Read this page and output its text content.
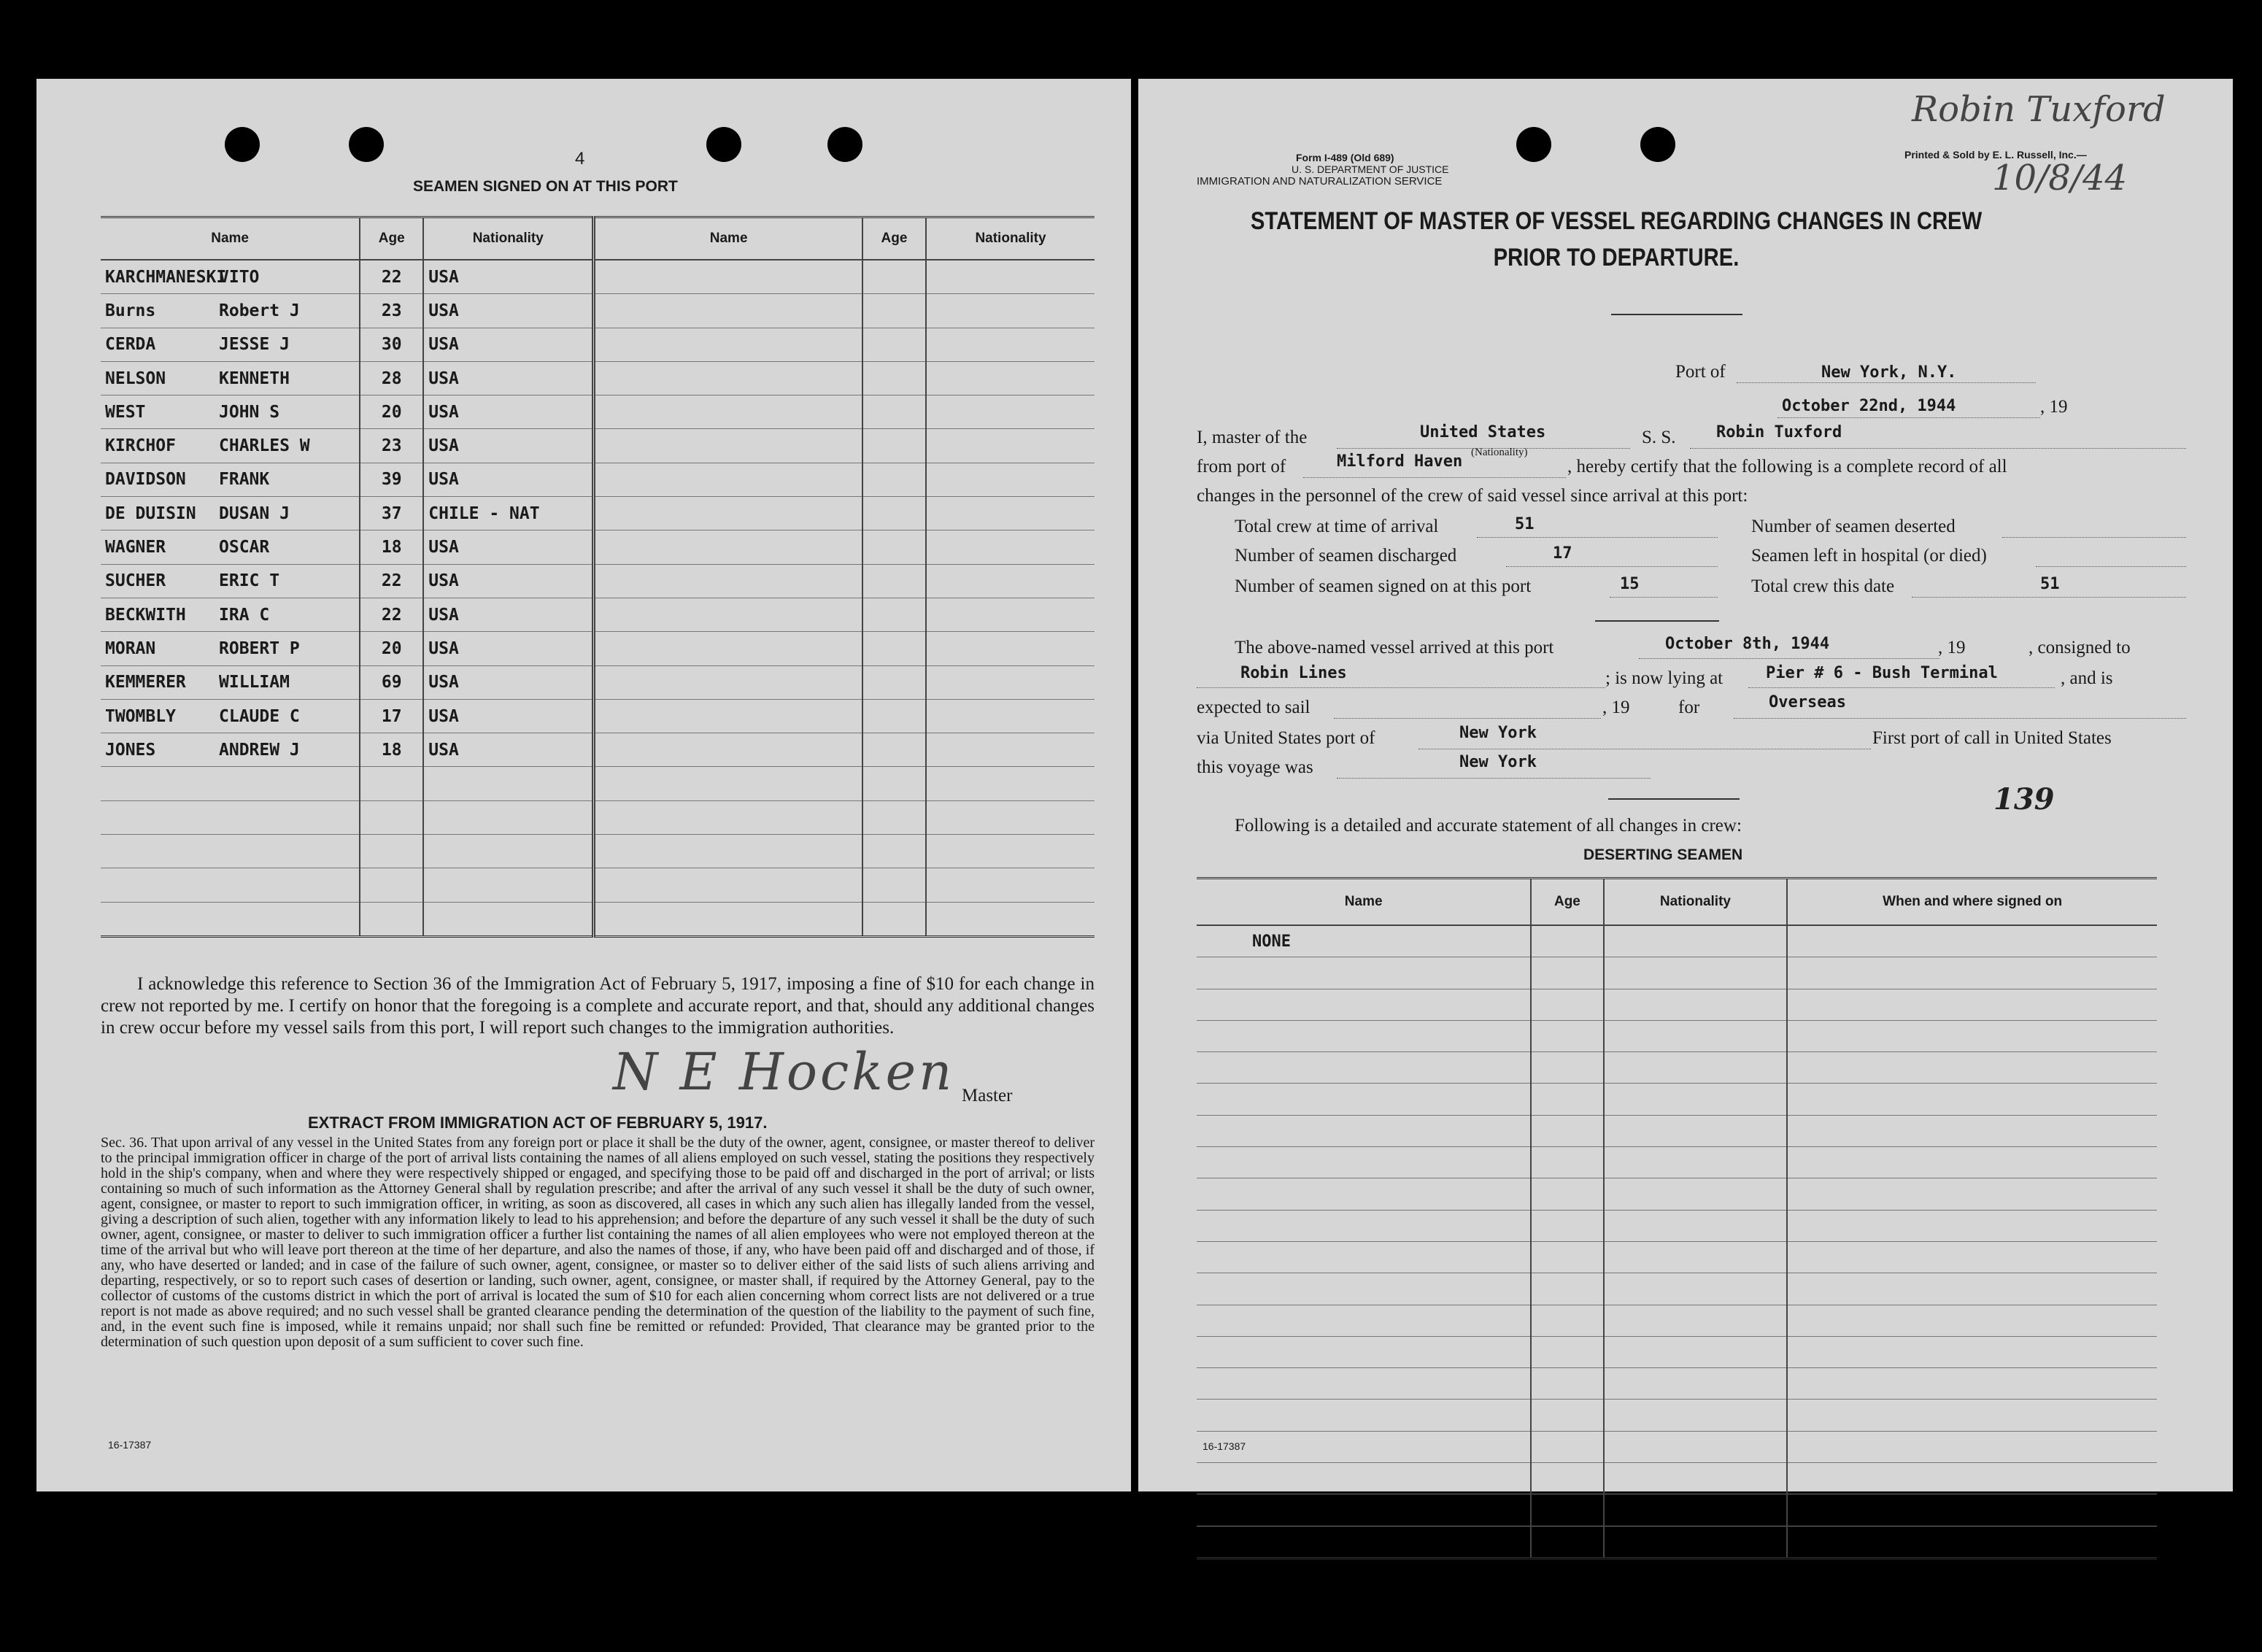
4
SEAMEN SIGNED ON AT THIS PORT
Name	Age	Nationality	Name	Age	Nationality
KARCHMANESKIVITO	22	USA			
Burns Robert J	23	USA			
CERDA JESSE J	30	USA			
NELSON KENNETH	28	USA			
WEST JOHN S	20	USA			
KIRCHOF CHARLES W	23	USA			
DAVIDSON FRANK	39	USA			
DE DUISIN DUSAN J	37	CHILE - NAT			
WAGNER OSCAR	18	USA			
SUCHER ERIC T	22	USA			
BECKWITH IRA C	22	USA			
MORAN ROBERT P	20	USA			
KEMMERER WILLIAM	69	USA			
TWOMBLY CLAUDE C	17	USA			
JONES ANDREW J	18	USA			

I acknowledge this reference to Section 36 of the Immigration Act of February 5, 1917, imposing a fine of $10 for each change in crew not reported by me. I certify on honor that the foregoing is a complete and accurate report, and that, should any additional changes in crew occur before my vessel sails from this port, I will report such changes to the immigration authorities.
N E Hocken Master
EXTRACT FROM IMMIGRATION ACT OF FEBRUARY 5, 1917.
Sec. 36. That upon arrival of any vessel in the United States from any foreign port or place it shall be the duty of the owner, agent, consignee, or master thereof to deliver to the principal immigration officer in charge of the port of arrival lists containing the names of all aliens employed on such vessel, stating the positions they respectively hold in the ship's company, when and where they were respectively shipped or engaged, and specifying those to be paid off and discharged in the port of arrival; or lists containing so much of such information as the Attorney General shall by regulation prescribe; and after the arrival of any such vessel it shall be the duty of such owner, agent, consignee, or master to report to such immigration officer, in writing, as soon as discovered, all cases in which any such alien has illegally landed from the vessel, giving a description of such alien, together with any information likely to lead to his apprehension; and before the departure of any such vessel it shall be the duty of such owner, agent, consignee, or master to deliver to such immigration officer a further list containing the names of all alien employees who were not employed thereon at the time of the arrival but who will leave port thereon at the time of her departure, and also the names of those, if any, who have been paid off and discharged and of those, if any, who have deserted or landed; and in case of the failure of such owner, agent, consignee, or master so to deliver either of the said lists of such aliens arriving and departing, respectively, or so to report such cases of desertion or landing, such owner, agent, consignee, or master shall, if required by the Attorney General, pay to the collector of customs of the customs district in which the port of arrival is located the sum of $10 for each alien concerning whom correct lists are not delivered or a true report is not made as above required; and no such vessel shall be granted clearance pending the determination of the question of the liability to the payment of such fine, and, in the event such fine is imposed, while it remains unpaid; nor shall such fine be remitted or refunded: Provided, That clearance may be granted prior to the determination of such question upon deposit of a sum sufficient to cover such fine.
16-17387
Form I-489 (Old 689)
U. S. DEPARTMENT OF JUSTICE
IMMIGRATION AND NATURALIZATION SERVICE
Printed & Sold by E. L. Russell, Inc.—
Robin Tuxford
10/8/44
STATEMENT OF MASTER OF VESSEL REGARDING CHANGES IN CREW
PRIOR TO DEPARTURE.
Port of	New York, N.Y.
October 22nd, 1944	, 19
I, master of the	United States
(Nationality)
S. S.	Robin Tuxford
from port of	Milford Haven	, hereby certify that the following is a complete record of all
changes in the personnel of the crew of said vessel since arrival at this port:
Total crew at time of arrival	51	Number of seamen deserted
Number of seamen discharged	17	Seamen left in hospital (or died)
Number of seamen signed on at this port	15	Total crew this date	51
The above-named vessel arrived at this port	October 8th, 1944	, 19	, consigned to
Robin Lines	; is now lying at	Pier # 6 - Bush Terminal	, and is
expected to sail	, 19	for	Overseas
via United States port of	New York	First port of call in United States
this voyage was	New York
139
Following is a detailed and accurate statement of all changes in crew:
DESERTING SEAMEN
Name	Age	Nationality	When and where signed on
NONE			

16-17387
